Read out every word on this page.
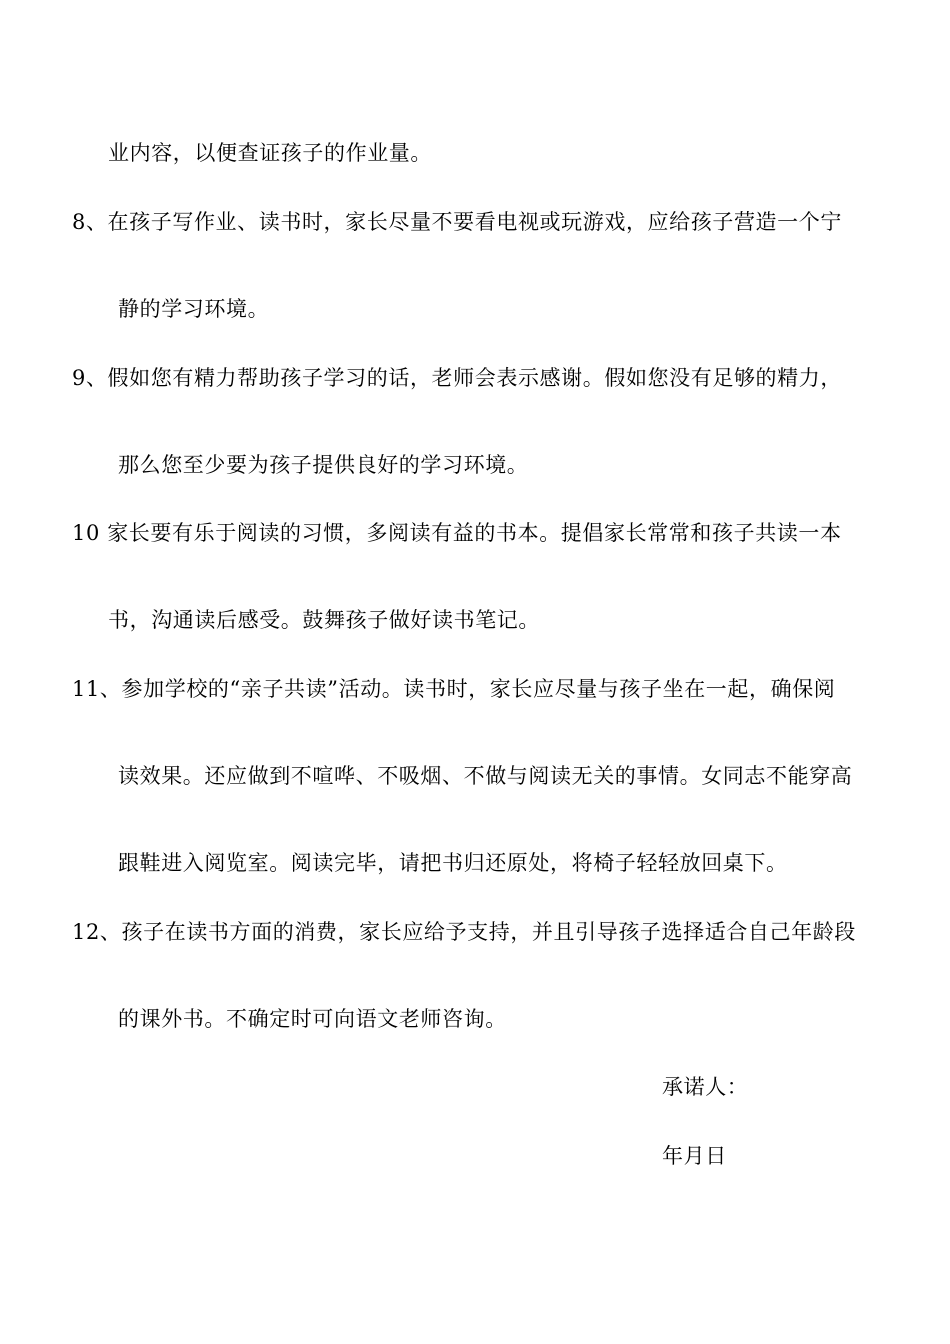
业内容，以便查证孩子的作业量。
8、在孩子写作业、读书时，家长尽量不要看电视或玩游戏，应给孩子营造一个宁
静的学习环境。
9、假如您有精力帮助孩子学习的话，老师会表示感谢。假如您没有足够的精力，
那么您至少要为孩子提供良好的学习环境。
10 家长要有乐于阅读的习惯，多阅读有益的书本。提倡家长常常和孩子共读一本
书，沟通读后感受。鼓舞孩子做好读书笔记。
11、参加学校的“亲子共读”活动。读书时，家长应尽量与孩子坐在一起，确保阅
读效果。还应做到不喧哗、不吸烟、不做与阅读无关的事情。女同志不能穿高
跟鞋进入阅览室。阅读完毕，请把书归还原处，将椅子轻轻放回桌下。
12、孩子在读书方面的消费，家长应给予支持，并且引导孩子选择适合自己年龄段
的课外书。不确定时可向语文老师咨询。
承诺人：
年月日
